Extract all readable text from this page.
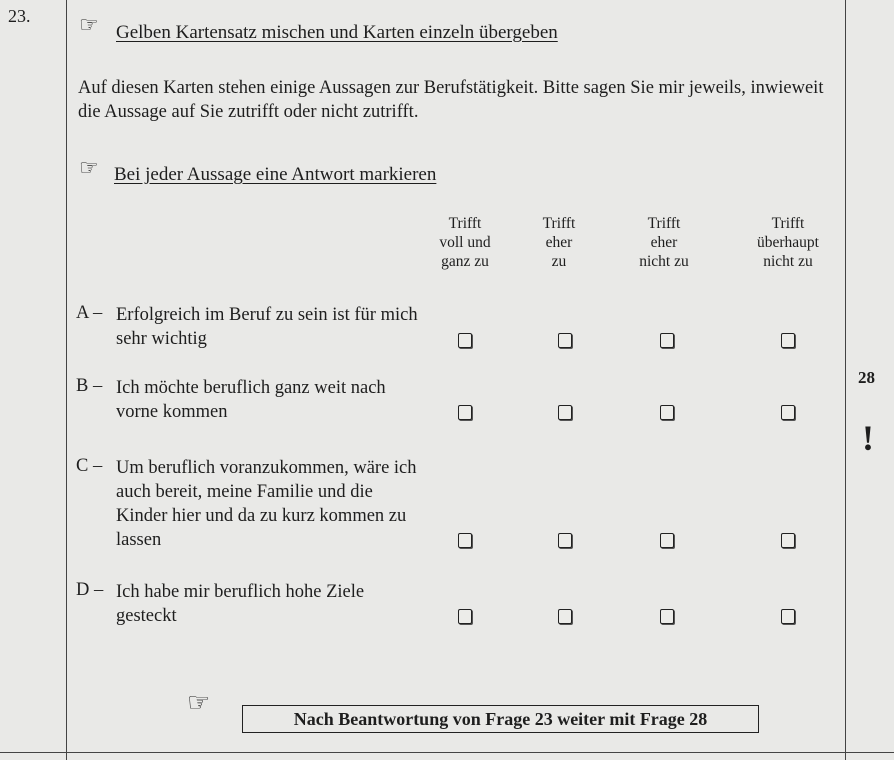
23. ☞ Gelben Kartensatz mischen und Karten einzeln übergeben
Auf diesen Karten stehen einige Aussagen zur Berufstätigkeit. Bitte sagen Sie mir jeweils, inwieweit die Aussage auf Sie zutrifft oder nicht zutrifft.
☞ Bei jeder Aussage eine Antwort markieren
Trifft
voll und
ganz zu
Trifft
eher
zu
Trifft
eher
nicht zu
Trifft
überhaupt
nicht zu
A – Erfolgreich im Beruf zu sein ist für mich sehr wichtig
B – Ich möchte beruflich ganz weit nach vorne kommen
C – Um beruflich voranzukommen, wäre ich auch bereit, meine Familie und die Kinder hier und da zu kurz kommen zu lassen
D – Ich habe mir beruflich hohe Ziele gesteckt
28
!
☞
Nach Beantwortung von Frage 23 weiter mit Frage 28
